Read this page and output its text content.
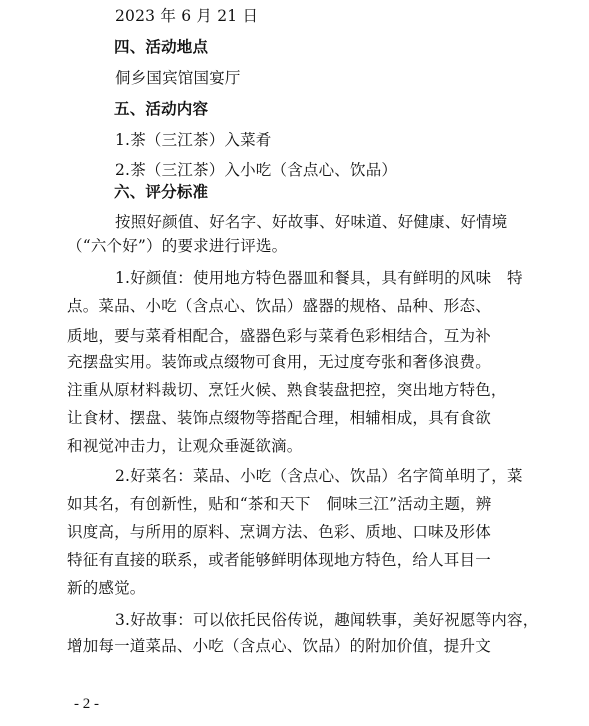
2023 年 6 月 21 日
四、活动地点
侗乡国宾馆国宴厅
五、活动内容
1.茶（三江茶）入菜肴
2.茶（三江茶）入小吃（含点心、饮品）
六、评分标准
按照好颜值、好名字、好故事、好味道、好健康、好情境
（“六个好”）的要求进行评选。
1.好颜值：使用地方特色器皿和餐具，具有鲜明的风味　特
点。菜品、小吃（含点心、饮品）盛器的规格、品种、形态、
质地，要与菜肴相配合，盛器色彩与菜肴色彩相结合，互为补
充摆盘实用。装饰或点缀物可食用，无过度夸张和奢侈浪费。
注重从原材料裁切、烹饪火候、熟食装盘把控，突出地方特色，
让食材、摆盘、装饰点缀物等搭配合理，相辅相成，具有食欲
和视觉冲击力，让观众垂涎欲滴。
2.好菜名：菜品、小吃（含点心、饮品）名字简单明了，菜
如其名，有创新性，贴和“茶和天下　侗味三江”活动主题，辨
识度高，与所用的原料、烹调方法、色彩、质地、口味及形体
特征有直接的联系，或者能够鲜明体现地方特色，给人耳目一
新的感觉。
3.好故事：可以依托民俗传说，趣闻轶事，美好祝愿等内容，
增加每一道菜品、小吃（含点心、饮品）的附加价值，提升文
- 2 -
